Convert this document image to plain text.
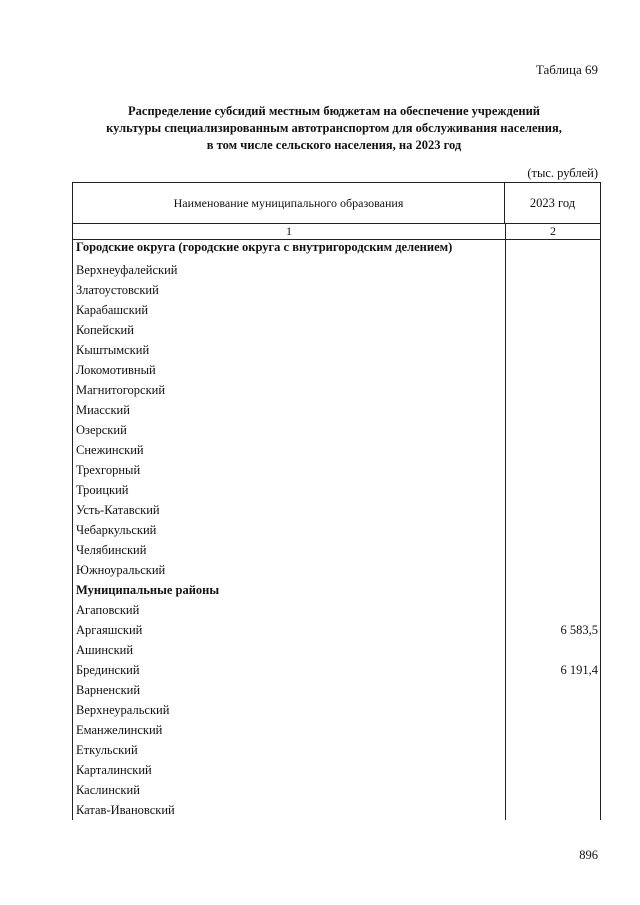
Таблица 69
Распределение субсидий местным бюджетам на обеспечение учреждений
культуры специализированным автотранспортом для обслуживания населения,
в том числе сельского населения, на 2023 год
(тыс. рублей)
Наименование муниципального образования	2023 год
1	2
Городские округа (городские округа с внутригородским делением)
Верхнеуфалейский
Златоустовский
Карабашский
Копейский
Кыштымский
Локомотивный
Магнитогорский
Миасский
Озерский
Снежинский
Трехгорный
Троицкий
Усть-Катавский
Чебаркульский
Челябинский
Южноуральский
Муниципальные районы
Агаповский
Аргаяшский	6 583,5
Ашинский
Брединский	6 191,4
Варненский
Верхнеуральский
Еманжелинский
Еткульский
Карталинский
Каслинский
Катав-Ивановский
896
